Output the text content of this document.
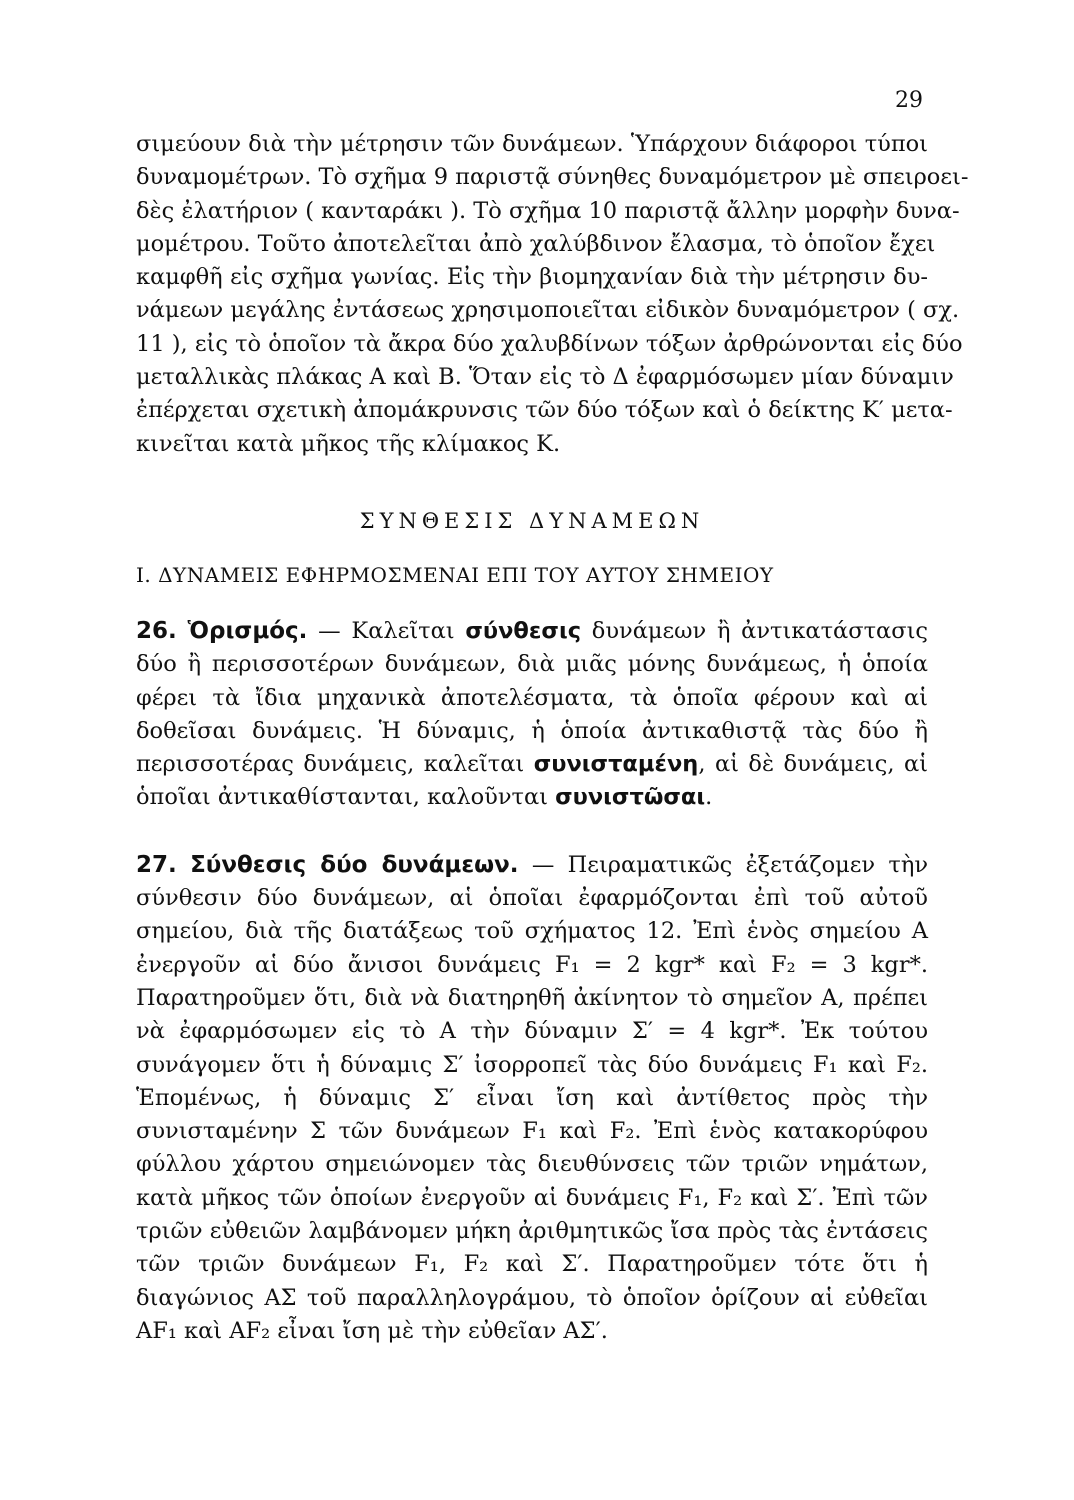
29

σιμεύουν διὰ τὴν μέτρησιν τῶν δυνάμεων. Ὑπάρχουν διάφοροι τύποι
δυναμομέτρων. Τὸ σχῆμα 9 παριστᾷ σύνηθες δυναμόμετρον μὲ σπειροει-
δὲς ἐλατήριον ( κανταράκι ). Τὸ σχῆμα 10 παριστᾷ ἄλλην μορφὴν δυνα-
μομέτρου. Τοῦτο ἀποτελεῖται ἀπὸ χαλύβδινον ἔλασμα, τὸ ὁποῖον ἔχει
καμφθῆ εἰς σχῆμα γωνίας. Εἰς τὴν βιομηχανίαν διὰ τὴν μέτρησιν δυ-
νάμεων μεγάλης ἐντάσεως χρησιμοποιεῖται εἰδικὸν δυναμόμετρον ( σχ.
11 ), εἰς τὸ ὁποῖον τὰ ἄκρα δύο χαλυβδίνων τόξων ἀρθρώνονται εἰς δύο
μεταλλικὰς πλάκας Α καὶ Β. Ὅταν εἰς τὸ Δ ἐφαρμόσωμεν μίαν δύναμιν
ἐπέρχεται σχετικὴ ἀπομάκρυνσις τῶν δύο τόξων καὶ ὁ δείκτης Κ′ μετα-
κινεῖται κατὰ μῆκος τῆς κλίμακος Κ.

ΣΥΝΘΕΣΙΣ ΔΥΝΑΜΕΩΝ
I. ΔΥΝΑΜΕΙΣ ΕΦΗΡΜΟΣΜΕΝΑΙ ΕΠΙ ΤΟΥ ΑΥΤΟΥ ΣΗΜΕΙΟΥ

26. Ὁρισμός. — Καλεῖται σύνθεσις δυνάμεων ἢ ἀντικατάστασις δύο ἢ περισσοτέρων δυνάμεων, διὰ μιᾶς μόνης δυνάμεως, ἡ ὁποία φέρει τὰ ἴδια μηχανικὰ ἀποτελέσματα, τὰ ὁποῖα φέρουν καὶ αἱ δοθεῖσαι δυνάμεις. Ἡ δύναμις, ἡ ὁποία ἀντικαθιστᾷ τὰς δύο ἢ περισσοτέρας δυνάμεις, καλεῖται συνισταμένη, αἱ δὲ δυνάμεις, αἱ ὁποῖαι ἀντικαθίστανται, καλοῦνται συνιστῶσαι.

27. Σύνθεσις δύο δυνάμεων. — Πειραματικῶς ἐξετάζομεν τὴν σύνθεσιν δύο δυνάμεων, αἱ ὁποῖαι ἐφαρμόζονται ἐπὶ τοῦ αὐτοῦ σημείου, διὰ τῆς διατάξεως τοῦ σχήματος 12. Ἐπὶ ἑνὸς σημείου Α ἐνεργοῦν αἱ δύο ἄνισοι δυνάμεις F₁ = 2 kgr* καὶ F₂ = 3 kgr*. Παρατηροῦμεν ὅτι, διὰ νὰ διατηρηθῆ ἀκίνητον τὸ σημεῖον Α, πρέπει νὰ ἐφαρμόσωμεν εἰς τὸ Α τὴν δύναμιν Σ′ = 4 kgr*. Ἐκ τούτου συνάγομεν ὅτι ἡ δύναμις Σ′ ἰσορροπεῖ τὰς δύο δυνάμεις F₁ καὶ F₂. Ἑπομένως, ἡ δύναμις Σ′ εἶναι ἴση καὶ ἀντίθετος πρὸς τὴν συνισταμένην Σ τῶν δυνάμεων F₁ καὶ F₂. Ἐπὶ ἑνὸς κατακορύφου φύλλου χάρτου σημειώνομεν τὰς διευθύνσεις τῶν τριῶν νημάτων, κατὰ μῆκος τῶν ὁποίων ἐνεργοῦν αἱ δυνάμεις F₁, F₂ καὶ Σ′. Ἐπὶ τῶν τριῶν εὐθειῶν λαμβάνομεν μήκη ἀριθμητικῶς ἴσα πρὸς τὰς ἐντάσεις τῶν τριῶν δυνάμεων F₁, F₂ καὶ Σ′. Παρατηροῦμεν τότε ὅτι ἡ διαγώνιος ΑΣ τοῦ παραλληλογράμου, τὸ ὁποῖον ὁρίζουν αἱ εὐθεῖαι AF₁ καὶ AF₂ εἶναι ἴση μὲ τὴν εὐθεῖαν ΑΣ′.
